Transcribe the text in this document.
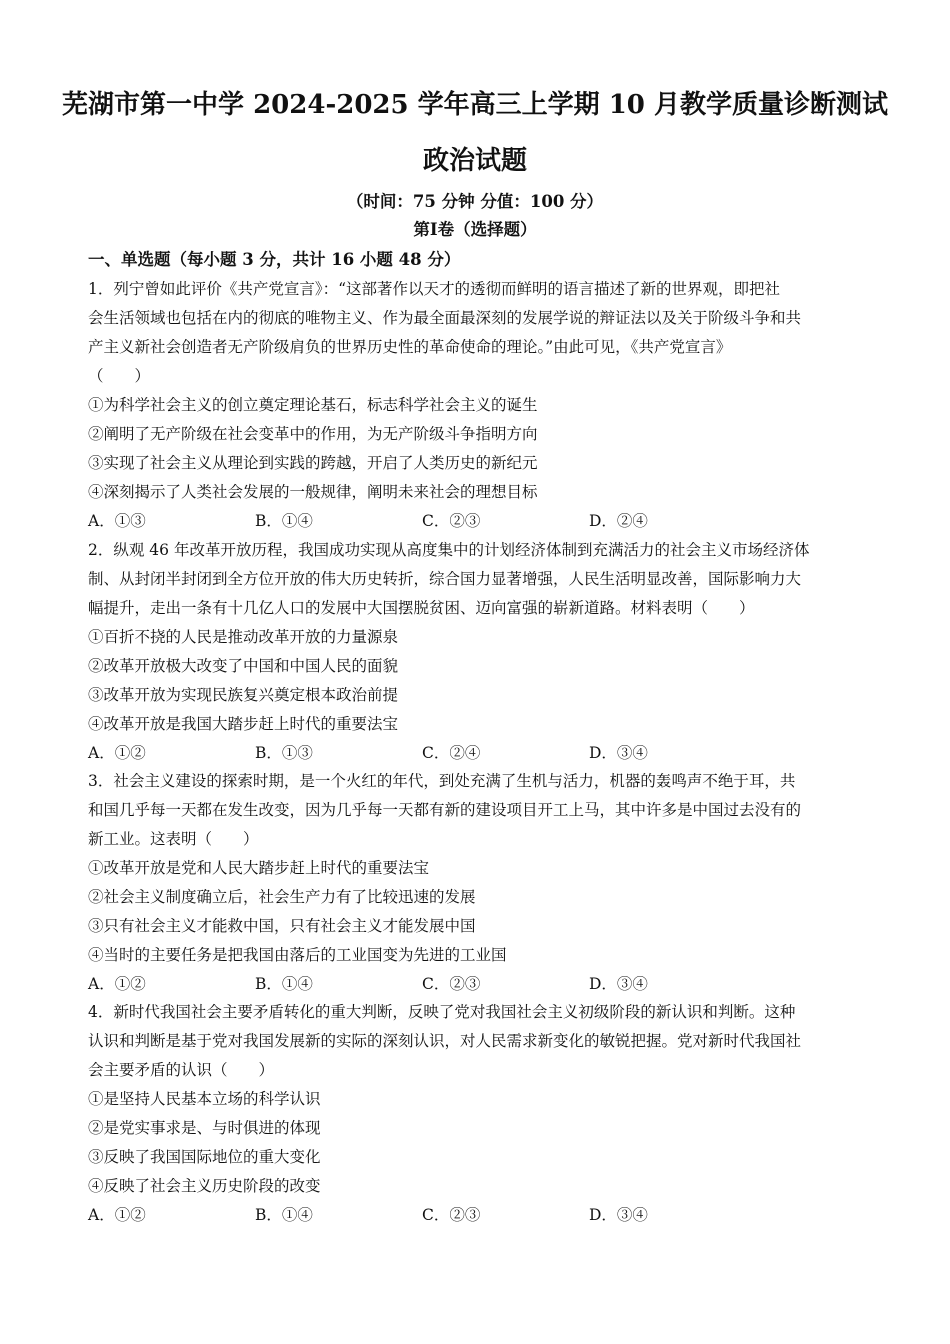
芜湖市第一中学 2024-2025 学年高三上学期 10 月教学质量诊断测试
政治试题
（时间：75 分钟 分值：100 分）
第Ⅰ卷（选择题）
一、单选题（每小题 3 分，共计 16 小题 48 分）
1．列宁曾如此评价《共产党宣言》：“这部著作以天才的透彻而鲜明的语言描述了新的世界观，即把社
会生活领域也包括在内的彻底的唯物主义、作为最全面最深刻的发展学说的辩证法以及关于阶级斗争和共
产主义新社会创造者无产阶级肩负的世界历史性的革命使命的理论。”由此可见，《共产党宣言》
（　　）
①为科学社会主义的创立奠定理论基石，标志科学社会主义的诞生
②阐明了无产阶级在社会变革中的作用，为无产阶级斗争指明方向
③实现了社会主义从理论到实践的跨越，开启了人类历史的新纪元
④深刻揭示了人类社会发展的一般规律，阐明未来社会的理想目标
A．①③	B．①④	C．②③	D．②④
2．纵观 46 年改革开放历程，我国成功实现从高度集中的计划经济体制到充满活力的社会主义市场经济体
制、从封闭半封闭到全方位开放的伟大历史转折，综合国力显著增强，人民生活明显改善，国际影响力大
幅提升，走出一条有十几亿人口的发展中大国摆脱贫困、迈向富强的崭新道路。材料表明（　　）
①百折不挠的人民是推动改革开放的力量源泉
②改革开放极大改变了中国和中国人民的面貌
③改革开放为实现民族复兴奠定根本政治前提
④改革开放是我国大踏步赶上时代的重要法宝
A．①②	B．①③	C．②④	D．③④
3．社会主义建设的探索时期，是一个火红的年代，到处充满了生机与活力，机器的轰鸣声不绝于耳，共
和国几乎每一天都在发生改变，因为几乎每一天都有新的建设项目开工上马，其中许多是中国过去没有的
新工业。这表明（　　）
①改革开放是党和人民大踏步赶上时代的重要法宝
②社会主义制度确立后，社会生产力有了比较迅速的发展
③只有社会主义才能救中国，只有社会主义才能发展中国
④当时的主要任务是把我国由落后的工业国变为先进的工业国
A．①②	B．①④	C．②③	D．③④
4．新时代我国社会主要矛盾转化的重大判断，反映了党对我国社会主义初级阶段的新认识和判断。这种
认识和判断是基于党对我国发展新的实际的深刻认识，对人民需求新变化的敏锐把握。党对新时代我国社
会主要矛盾的认识（　　）
①是坚持人民基本立场的科学认识
②是党实事求是、与时俱进的体现
③反映了我国国际地位的重大变化
④反映了社会主义历史阶段的改变
A．①②	B．①④	C．②③	D．③④
